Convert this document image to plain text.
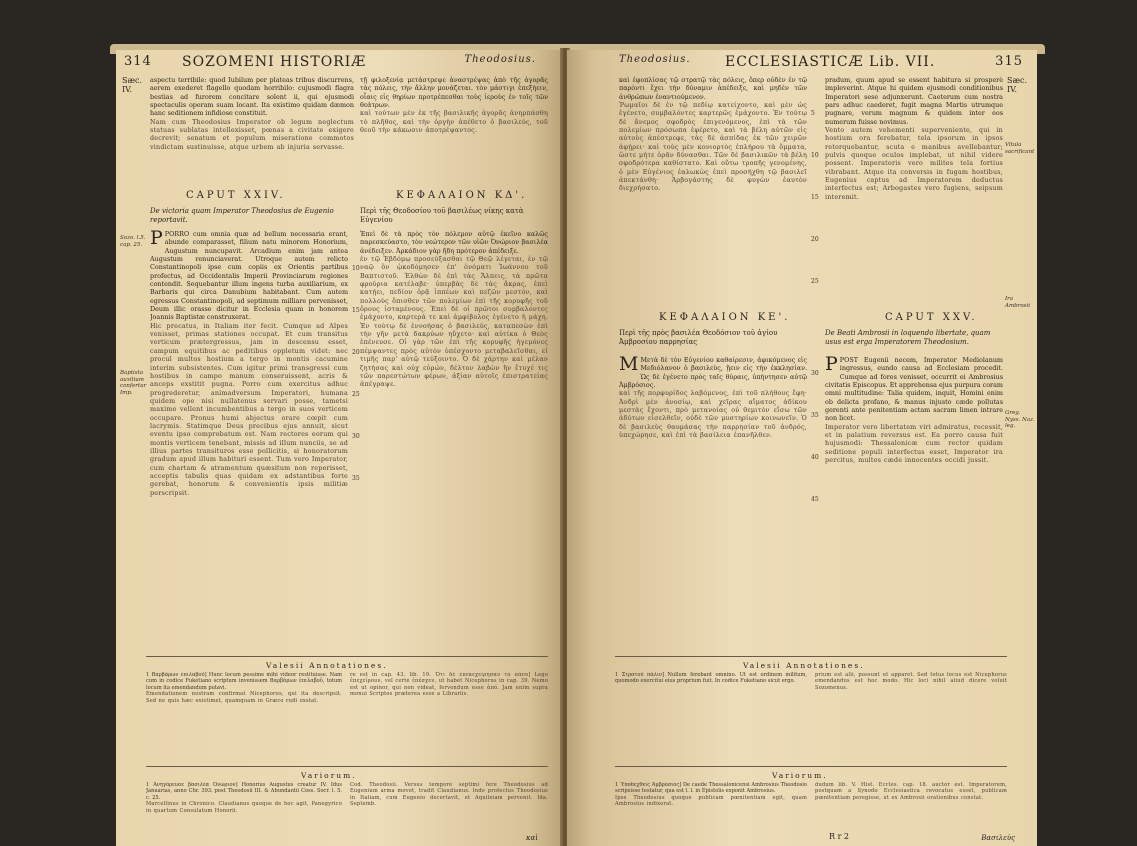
314 SOZOMENI HISTORIÆ	Theodosius.
Sæc. IV.

aspectu terribile: quod Iubilum per plateas tribus discurrens, aerem exederet flagello quodam horribilo: cujusmodi flagra bestias ad furorem concitare solent ii, qui ejusmodi spectaculis operam suam locant. Ita existimo quidam dæmon hanc seditionem infidiose constituit.

Nam cum Theodosius Imperator ob legum neglectum statuas sublatas intellexisset, pœnas a civitate exigere decrevit; senatum et populum miseratione commotos vindictam sustinuisse, atque urbem ab injuria servasse.

τῇ φιλοξενίᾳ μετάστρεψε ἀναστρέψας ἀπὸ τῆς ἀγορᾶς τὰς πόλεις, τὴν ἄλλην μονάζεται. τὸν μάστιγι ἐπεξήειν, οἷαις εἰς θηρίων προτρέπεσθαι τοὺς ἱεροὺς ἐν τοῖς τῶν θεάτρων.

καὶ τούτων μὲν ἐκ τῆς βασιλικῆς ἀγορᾶς ἀνηρπάσθη τὸ πλῆθος, καὶ τὴν ὀργὴν ἀπέθετο ὁ βασιλεύς, τοῦ θεοῦ τὴν κάκωσιν ἀποτρέψαντος.

CAPUT XXIV.	ΚΕΦΑΛΑΙΟΝ ΚΔ'.
De victoria quam Imperator Theodosius de Eugenio reportavit.
Περὶ τῆς Θεοδοσίου τοῦ βασιλέως νίκης κατὰ Εὐγενίου
Sozo. l.5. cap. 25.
Baptista auxilium confertur Imp.
10
15
20
25
30
35

PPORRO cum omnia quæ ad bellum necessaria erant, abunde comparasset, filium natu minorem Honorium, Augustum nuncupavit. Arcadium enim jam antea Augustum renunciaverat. Utroque autem relicto Constantinopoli ipse cum copiis ex Orientis partibus profectus, ad Occidentalis Imperii Provinciarum regiones contendit. Sequebantur illum ingens turba auxiliarium, ex Barbaris qui circa Danubium habitabant. Cum autem egressus Constantinopoli, ad septimum milliare pervenisset, Deum illic orasse dicitur in Ecclesia quam in honorem Joannis Baptistæ construxerat.

Hic precatus, in Italiam iter fecit. Cumque ad Alpes venisset, primas stationes occupat. Et cum transitus verticum prætergressus, jam in descensu esset, campum equitibus ac peditibus oppletum videt: nec procul multos hostium a tergo in montis cacumine interim subsistentes. Cum igitur primi transgressi cum hostibus in campo manum conseruissent, acris & anceps exstitit pugna. Porro cum exercitus adhuc progrederetur, animadversum Imperatori, humana quidem ope nisi nullatenus servari posse, tametsi maxime vellent incumbentibus a tergo in suos verticem occupare. Pronus humi abjectus orare cœpit cum lacrymis. Statimque Deus precibus ejus annuit, sicut eventu ipso comprobatum est. Nam rectores eorum qui montis verticem tenebant, missis ad illum nunciis, se ad illius partes transituros esse pollicitis, si honoratorum gradum apud illum habituri essent. Tum vero Imperator, cum chartam & atramentum quæsitum non reperisset, acceptis tabulis quas quidam ex adstantibus forte gerebat, honorum & convenientis ipsis militiæ perscripsit.

Ἐπεὶ δὲ τὰ πρὸς τὸν πόλεμον αὐτῷ ἐκεῖνο καλῶς παρεσκεύαστο, τὸν νεώτερον τῶν υἱῶν Ὀνώριον βασιλέα ἀνέδειξεν. Ἀρκάδιον γὰρ ἤδη πρότερον ἀπέδειξε.

ἐν τῷ Ἑβδόμῳ προσεύξασθαι τῷ Θεῷ λέγεται, ἐν τῷ ναῷ ὃν ᾠκοδόμησεν ἐπ' ὀνόματι Ἰωάννου τοῦ Βαπτιστοῦ. Ἐλθὼν δὲ ἐπὶ τὰς Ἄλπεις, τὰ πρῶτα φρούρια κατέλαβε· ὑπερβὰς δὲ τὰς ἄκρας, ἐπεὶ κατῄει, πεδίον ὁρᾷ ἱππέων καὶ πεζῶν μεστόν, καὶ πολλοὺς ὄπισθεν τῶν πολεμίων ἐπὶ τῆς κορυφῆς τοῦ ὄρους ἱσταμένους. Ἐπεὶ δὲ οἱ πρῶτοι συμβαλόντες ἐμάχοντο, καρτερά τε καὶ ἀμφίβολος ἐγένετο ἡ μάχη. Ἐν τούτῳ δὲ ἐννοήσας ὁ βασιλεύς, καταπεσὼν ἐπὶ τὴν γῆν μετὰ δακρύων ηὔχετο· καὶ αὐτίκα ὁ Θεὸς ἐπένευσε. Οἱ γὰρ τῶν ἐπὶ τῆς κορυφῆς ἡγεμόνες πέμψαντες πρὸς αὐτὸν ὑπέσχοντο μεταβαλεῖσθαι, εἰ τιμῆς παρ' αὐτῷ τεύξοιντο. Ὁ δὲ χάρτην καὶ μέλαν ζητήσας καὶ οὐχ εὑρών, δέλτον λαβὼν ἣν ἔτυχέ τις τῶν παρεστώτων φέρων, ἀξίαν αὐτοῖς ἐπιστρατείας ἀπέγραψε.

Valesii Annotationes.

1 Βαρβάρων ἐπιλαβοῦ] Hunc locum pessime mihi videor restituisse. Nam cum in codice Fuketiano scriptum invenissem Βαρβάρων ἐπιλαβοῦ, totum locum ita emendandum putavi.

Emendationem nostram confirmat Nicephorus, qui ita descripsit. Sed ne quis hæc existimet, quamquam in Græco rudi exstat.

re est in cap. 43. lib. 19. Ὅτι δὲ ἐπεκεχείρησαν τὸ πάνυ] Lego ἐπεχείρουν, vel certe ἐπέσχεν, ut habet Nicephorus in cap. 39. Nemo est ut opinor, qui non videat, fervendum esse ἀπό. Jam enim supra monui Scriptos præterea esse a Librariis.

Variorum.

1 Ἀνηγόρευσε βασιλέα Ὀνώριον] Honorius Augustus creatur IV. Idus Januarias, anno Chr. 393. post Theodosii III. & Abundantii Coss. Socr. l. 5. c. 25.

Marcellinus in Chronico. Claudianus quoque de hoc agit, Panegyrico in quartum Consulatum Honorii.

Cod. Theodosii. Versus tempore septimi fere Theodosius ad Eugenium arma movet, tradit Claudianus. Inde profectus Theodosius in Italiam, cum Eugenio decertavit, et Aquileiam pervenit. Ida. Septemb.

καὶ
Theodosius. ECCLESIASTICÆ Lib. VII.	315
Sæc. IV.

καὶ ἐφοπλίσας τῷ στρατῷ τὰς πόλεις, ὅπερ οὐδὲν ἐν τῷ παρόντι ἔχει τὴν δύναμιν ἀπέδειξε, καὶ μηδὲν τῶν ἀνθρώπων ἐναντιούμενον.

Ῥωμαῖοι δὲ ἐν τῷ πεδίῳ κατείχοντο, καὶ μὲν ὡς ἐγένετο, συμβαλόντες καρτερῶς ἐμάχοντο. Ἐν τούτῳ δὲ ἄνεμος σφοδρὸς ἐπιγενόμενος, ἐπὶ τὰ τῶν πολεμίων πρόσωπα ἐφέρετο, καὶ τὰ βέλη αὐτῶν εἰς αὐτοὺς ἀπέστρεφε, τὰς δὲ ἀσπίδας ἐκ τῶν χειρῶν ἀφῄρει· καὶ τοὺς μὲν κονιορτὸς ἐπλήρου τὰ ὄμματα, ὥστε μήτε ὁρᾶν δύνασθαι. Τῶν δὲ βασιλικῶν τὰ βέλη σφοδρότερα καθίστατο. Καὶ οὕτω τροπῆς γενομένης, ὁ μὲν Εὐγένιος ἑαλωκὼς ἐπεὶ προσήχθη τῷ βασιλεῖ ἀπεκτάνθη· Ἀρβογάστης δὲ φυγὼν ἑαυτὸν διεχρήσατο.

5
10
15
20
25

pradum, quum apud se essent habitura si prosperè impleverint. Atque hi quidem ejusmodi conditionibus Imperatori sese adjunxerunt. Caeterum cum nostra pars adhuc caederet, fugit magna Martis utrumque pugnare, verum magnum & quidem inter eos numerum fuisse novimus.

Vento autem vehementi superveniente, qui in hostium ora ferebatur, tela ipsorum in ipsos retorquebantur, scuta e manibus avellebantur; pulvis quoque oculos implebat, ut nihil videre possent. Imperatoris vero milites tela fortius vibrabant. Atque ita conversis in fugam hostibus, Eugenius captus ad Imperatorem deductus interfectus est; Arbogastes vero fugiens, seipsum interemit.

Vitula sacrificant
Ira Ambrosii
ΚΕΦΑΛΑΙΟΝ ΚΕ'.	CAPUT XXV.
Περὶ τῆς πρὸς βασιλέα Θεοδόσιον τοῦ ἁγίου Ἀμβροσίου παρρησίας
De Beati Ambrosii in loquendo libertate, quam usus est erga Imperatorem Theodosium.
30
35
40
45

M Μετὰ δὲ τὸν Εὐγενίου καθαίρεσιν, ἀφικόμενος εἰς Μεδιόλανον ὁ βασιλεὺς, ᾔειν εἰς τὴν ἐκκλησίαν. Ὡς δὲ ἐγένετο πρὸς ταῖς θύραις, ὑπήντησεν αὐτῷ Ἀμβρόσιος.

καὶ τῆς πορφυρίδος λαβόμενος, ἐπὶ τοῦ πλήθους ἔφη· Ἀνδρὶ μὲν ἀνοσίῳ, καὶ χεῖρας αἵματος ἀδίκου μεστὰς ἔχοντι, πρὸ μετανοίας οὐ θεμιτὸν εἴσω τῶν ἀδύτων εἰσελθεῖν, οὐδὲ τῶν μυστηρίων κοινωνεῖν. Ὁ δὲ βασιλεὺς θαυμάσας τὴν παρρησίαν τοῦ ἀνδρός, ὑπεχώρησε, καὶ ἐπὶ τὰ βασίλεια ἐπανῆλθεν.

PPOST Eugenii necem, Imperator Mediolanum ingressus, eundo causa ad Ecclesiam procedit. Cumque ad fores venisset, occurrit ei Ambrosius civitatis Episcopus. Et apprehensa ejus purpura coram omni multitudine: Talia quidem, inquit, Homini enim ob delicta profano, & manus injusto cæde pollutas gerenti ante penitentiam actam sacram limen intrare non licet.

Imperator vero libertatem viri admiratus, recessit, et in palatium reversus est. Ea porro causa fuit hujusmodi: Thessalonicæ cum rector quidam seditione populi interfectus esset, Imperator ira percitus, multos cæde innocentes occidi jussit.

Greg. Nyss. Naz. leg.
Valesii Annotationes.

1 Στρατοῦ πάλιν] Nullum ferebant omnino. Ut est ordinem militum, quomodo exercitui eius proprium fuit. In codice Fuketiano sicut ergo.

prium est alii, possunt ut apparet. Sed totus locus est Nicephorus emendandus est hoc modo. Hic loci nihil aliud dicere voluit Sozomenus.

Variorum.

1 Ὑποδεχθεὶς Ἀμβρόσιος] De caede Thessalonicensi Ambrosius Theodosio scripsisse testatur, qua est l. l. in Epistolis exponit Ambrosius.

Ipse Theodosius quoque publicam pœnitentiam egit, quam Ambrosius indixerat.

dudum lib. V. Hist. Eccles. cap. 18. auctor est. Imperatorem, postquam a Synodo Ecclesiastica revocatus esset, publicam pœnitentiam peregisse, ut ex Ambrosii orationibus constat.

R r 2	Βασιλεὺς
